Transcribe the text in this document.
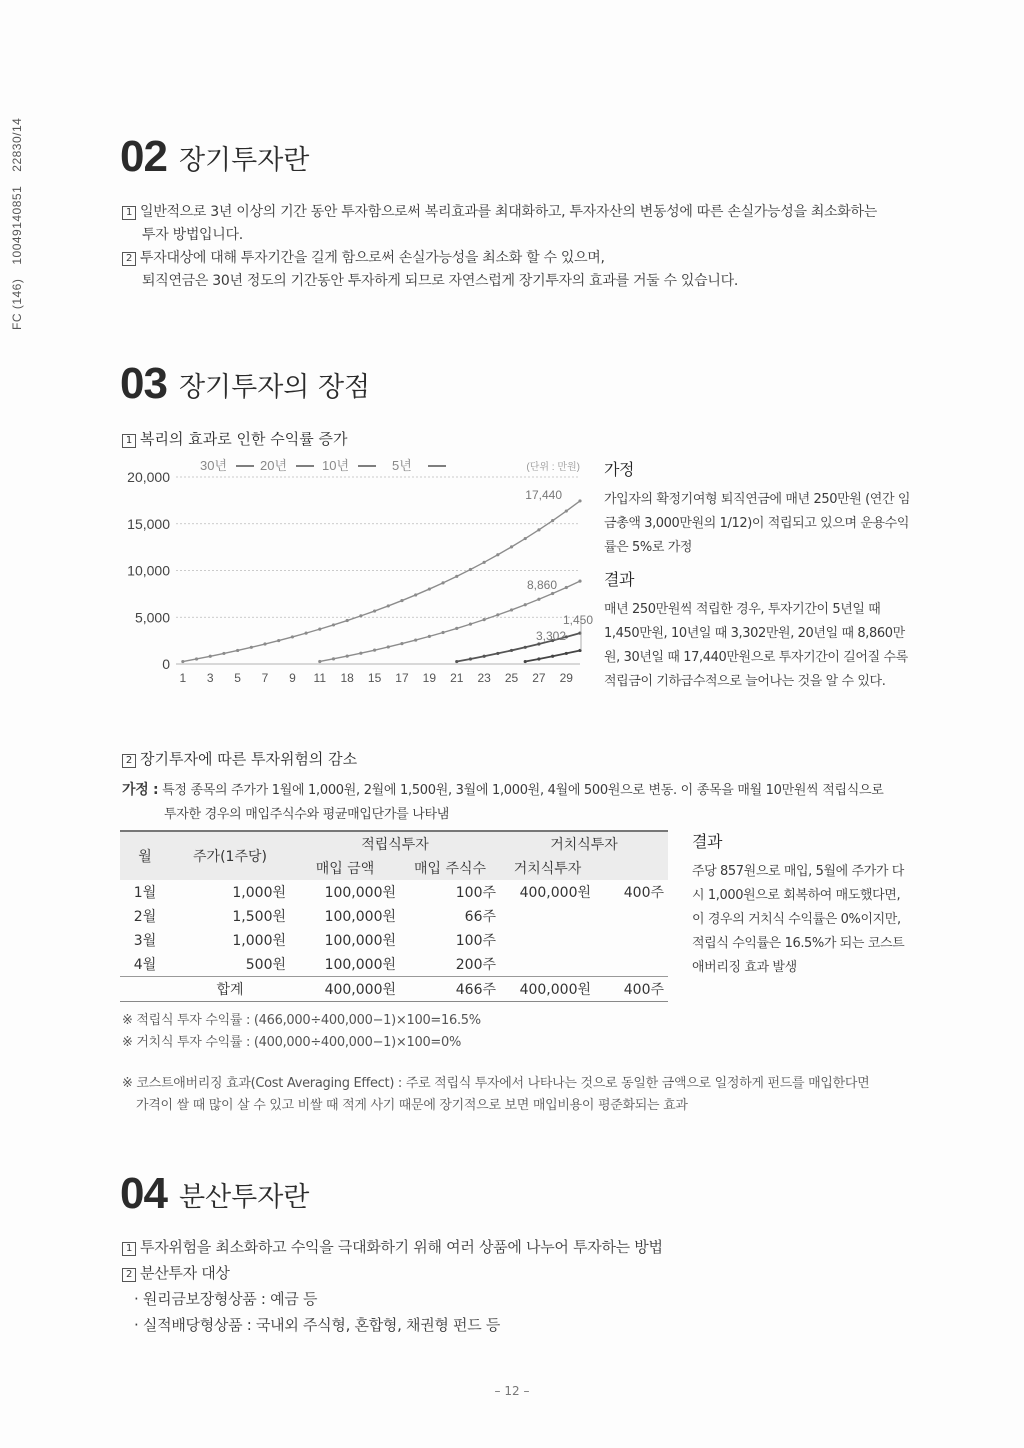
FC (146)1004914085122830/14 02 장기투자란
1 일반적으로 3년 이상의 기간 동안 투자함으로써 복리효과를 최대화하고, 투자자산의 변동성에 따른 손실가능성을 최소화하는
투자 방법입니다.
2 투자대상에 대해 투자기간을 길게 함으로써 손실가능성을 최소화 할 수 있으며,
퇴직연금은 30년 정도의 기간동안 투자하게 되므로 자연스럽게 장기투자의 효과를 거둘 수 있습니다.
03 장기투자의 장점
1 복리의 효과로 인한 수익률 증가
20,000
15,000
10,000
5,000
0
1 3 5 7 9 11 18 15 17 19 21 23 25 27 29
17,440
8,860
1,450
3,302
30년	20년	10년	5년	(단위 : 만원) 가정
가입자의 확정기여형 퇴직연금에 매년 250만원 (연간 임금총액 3,000만원의 1/12)이 적립되고 있으며 운용수익률은 5%로 가정
결과
매년 250만원씩 적립한 경우, 투자기간이 5년일 때 1,450만원, 10년일 때 3,302만원, 20년일 때 8,860만원, 30년일 때 17,440만원으로 투자기간이 길어질 수록 적립금이 기하급수적으로 늘어나는 것을 알 수 있다.
2 장기투자에 따른 투자위험의 감소
가정 : 특정 종목의 주가가 1월에 1,000원, 2월에 1,500원, 3월에 1,000원, 4월에 500원으로 변동. 이 종목을 매월 10만원씩 적립식으로
투자한 경우의 매입주식수와 평균매입단가를 나타냄
월	주가(1주당)	적립식투자		거치식투자	
		매입 금액	매입 주식수	거치식투자	
1월	1,000원	100,000원	100주	400,000원	400주
2월	1,500원	100,000원	66주		
3월	1,000원	100,000원	100주		
4월	500원	100,000원	200주		
	합계	400,000원	466주	400,000원	400주
결과
주당 857원으로 매입, 5월에 주가가 다시 1,000원으로 회복하여 매도했다면, 이 경우의 거치식 수익률은 0%이지만, 적립식 수익률은 16.5%가 되는 코스트 애버리징 효과 발생
※ 적립식 투자 수익률 : (466,000÷400,000−1)×100=16.5%
※ 거치식 투자 수익률 : (400,000÷400,000−1)×100=0%
※ 코스트애버리징 효과(Cost Averaging Effect) : 주로 적립식 투자에서 나타나는 것으로 동일한 금액으로 일정하게 펀드를 매입한다면
가격이 쌀 때 많이 살 수 있고 비쌀 때 적게 사기 때문에 장기적으로 보면 매입비용이 평준화되는 효과
04 분산투자란
1 투자위험을 최소화하고 수익을 극대화하기 위해 여러 상품에 나누어 투자하는 방법
2 분산투자 대상
· 원리금보장형상품 : 예금 등
· 실적배당형상품 : 국내외 주식형, 혼합형, 채권형 펀드 등
– 12 –
